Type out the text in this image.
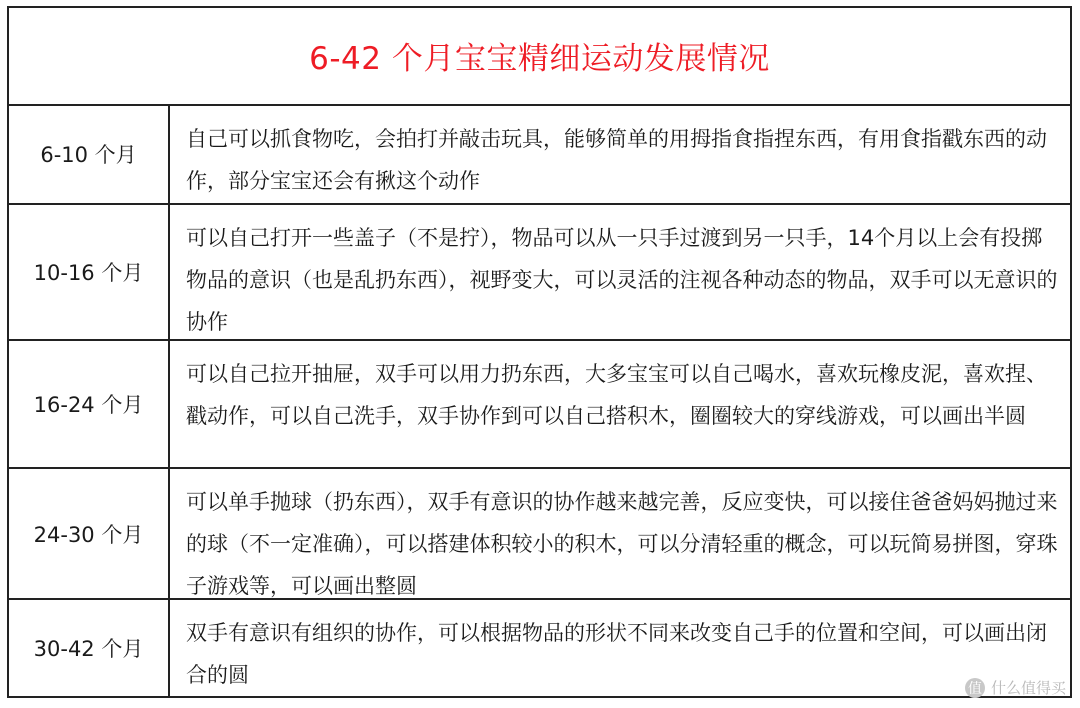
6-42 个月宝宝精细运动发展情况
6-10 个月
自己可以抓食物吃，会拍打并敲击玩具，能够简单的用拇指食指捏东西，有用食指戳东西的动作，部分宝宝还会有揪这个动作
10-16 个月
可以自己打开一些盖子（不是拧），物品可以从一只手过渡到另一只手，14个月以上会有投掷物品的意识（也是乱扔东西），视野变大，可以灵活的注视各种动态的物品，双手可以无意识的协作
16-24 个月
可以自己拉开抽屉，双手可以用力扔东西，大多宝宝可以自己喝水，喜欢玩橡皮泥，喜欢捏、戳动作，可以自己洗手，双手协作到可以自己搭积木，圈圈较大的穿线游戏，可以画出半圆
24-30 个月
可以单手抛球（扔东西），双手有意识的协作越来越完善，反应变快，可以接住爸爸妈妈抛过来的球（不一定准确），可以搭建体积较小的积木，可以分清轻重的概念，可以玩简易拼图，穿珠子游戏等，可以画出整圆
30-42 个月
双手有意识有组织的协作，可以根据物品的形状不同来改变自己手的位置和空间，可以画出闭合的圆
值 什么值得买
